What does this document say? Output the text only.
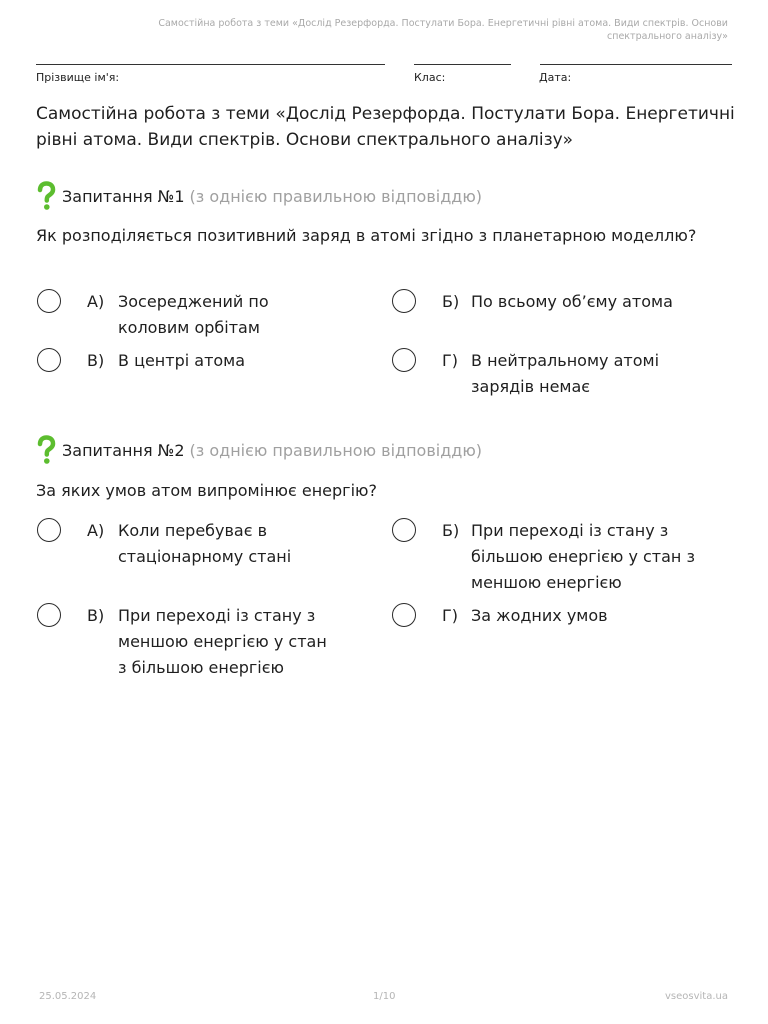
Самостійна робота з теми «Дослід Резерфорда. Постулати Бора. Енергетичні рівні атома. Види спектрів. Основи спектрального аналізу»
Прізвище ім'я:	Клас:	Дата:
Самостійна робота з теми «Дослід Резерфорда. Постулати Бора. Енергетичні рівні атома. Види спектрів. Основи спектрального аналізу»
Запитання №1 (з однією правильною відповіддю)
Як розподіляється позитивний заряд в атомі згідно з планетарною моделлю?
А) Зосереджений по коловим орбітам
Б) По всьому об’єму атома
В) В центрі атома	Г) В нейтральному атомі зарядів немає
Запитання №2 (з однією правильною відповіддю)
За яких умов атом випромінює енергію?
А) Коли перебуває в стаціонарному стані
Б) При переході із стану з більшою енергією у стан з меншою енергією
В) При переході із стану з меншою енергією у стан з більшою енергією
Г) За жодних умов
25.05.2024	1/10	vseosvita.ua
